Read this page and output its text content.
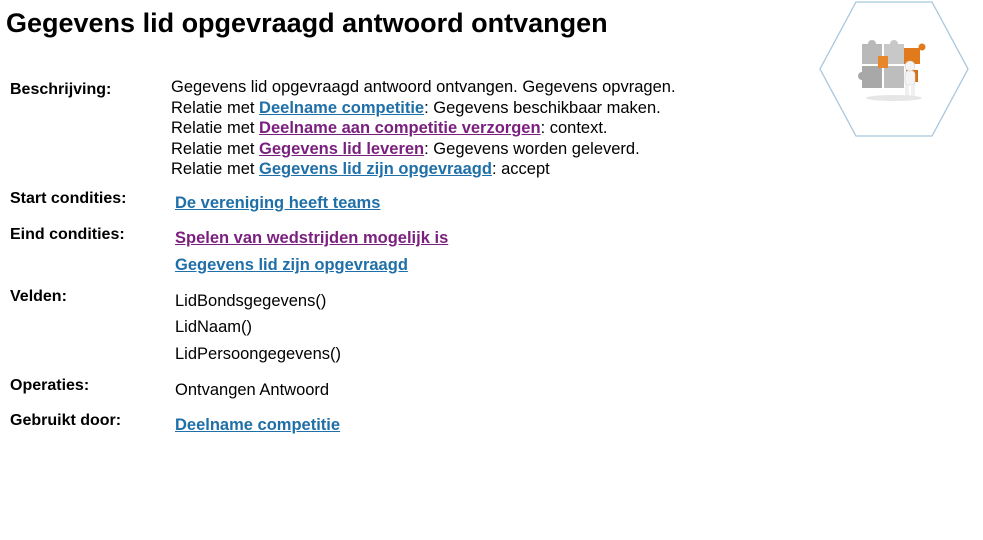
Gegevens lid opgevraagd antwoord ontvangen
Beschrijving:	Gegevens lid opgevraagd antwoord ontvangen. Gegevens opvragen.
Relatie met Deelname competitie: Gegevens beschikbaar maken.
Relatie met Deelname aan competitie verzorgen: context.
Relatie met Gegevens lid leveren: Gegevens worden geleverd.
Relatie met Gegevens lid zijn opgevraagd: accept
Start condities:	De vereniging heeft teams
Eind condities:	Spelen van wedstrijden mogelijk is
Gegevens lid zijn opgevraagd
Velden:	LidBondsgegevens()
LidNaam()
LidPersoongegevens()
Operaties:	Ontvangen Antwoord
Gebruikt door:	Deelname competitie
